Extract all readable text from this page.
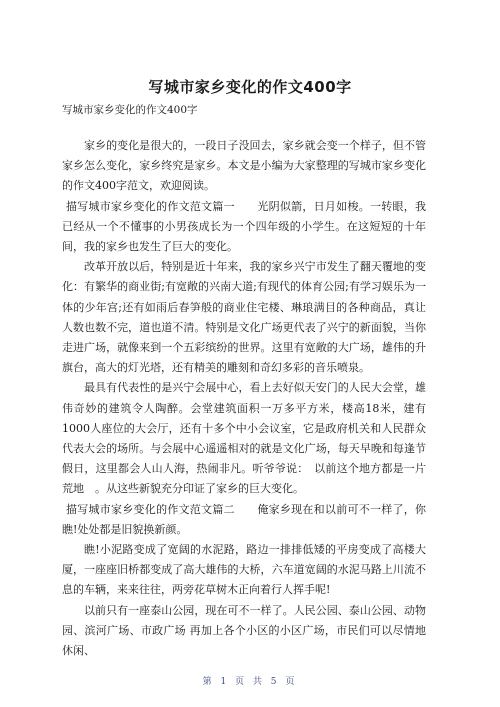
写城市家乡变化的作文400字
写城市家乡变化的作文400字

家乡的变化是很大的，一段日子没回去，家乡就会变一个样子，但不管家乡怎么变化，家乡终究是家乡。本文是小编为大家整理的写城市家乡变化的作文400字范文，欢迎阅读。

描写城市家乡变化的作文范文篇一　　光阴似箭，日月如梭。一转眼，我已经从一个不懂事的小男孩成长为一个四年级的小学生。在这短短的十年间，我的家乡也发生了巨大的变化。

改革开放以后，特别是近十年来，我的家乡兴宁市发生了翻天覆地的变化：有繁华的商业街;有宽敞的兴南大道;有现代的体育公园;有学习娱乐为一体的少年宫;还有如雨后春笋般的商业住宅楼、琳琅满目的各种商品，真让人数也数不完，道也道不清。特别是文化广场更代表了兴宁的新面貌，当你走进广场，就像来到一个五彩缤纷的世界。这里有宽敞的大广场，雄伟的升旗台，高大的灯光塔，还有精美的雕刻和奇幻多彩的音乐喷泉。

最具有代表性的是兴宁会展中心，看上去好似天安门的人民大会堂，雄伟奇妙的建筑令人陶醉。会堂建筑面积一万多平方米，楼高18米，建有1000人座位的大会厅，还有十多个中小会议室，它是政府机关和人民群众代表大会的场所。与会展中心遥遥相对的就是文化广场，每天早晚和每逢节假日，这里都会人山人海，热闹非凡。听爷爷说：　以前这个地方都是一片荒地　。从这些新貌充分印证了家乡的巨大变化。

描写城市家乡变化的作文范文篇二　　俺家乡现在和以前可不一样了，你瞧!处处都是旧貌换新颜。

瞧!小泥路变成了宽阔的水泥路，路边一排排低矮的平房变成了高楼大厦，一座座旧桥都变成了高大雄伟的大桥，六车道宽阔的水泥马路上川流不息的车辆，来来往往，两旁花草树木正向着行人挥手呢!

以前只有一座泰山公园，现在可不一样了。人民公园、泰山公园、动物园、滨河广场、市政广场 再加上各个小区的小区广场，市民们可以尽情地休闲、

第 1 页 共 5 页
